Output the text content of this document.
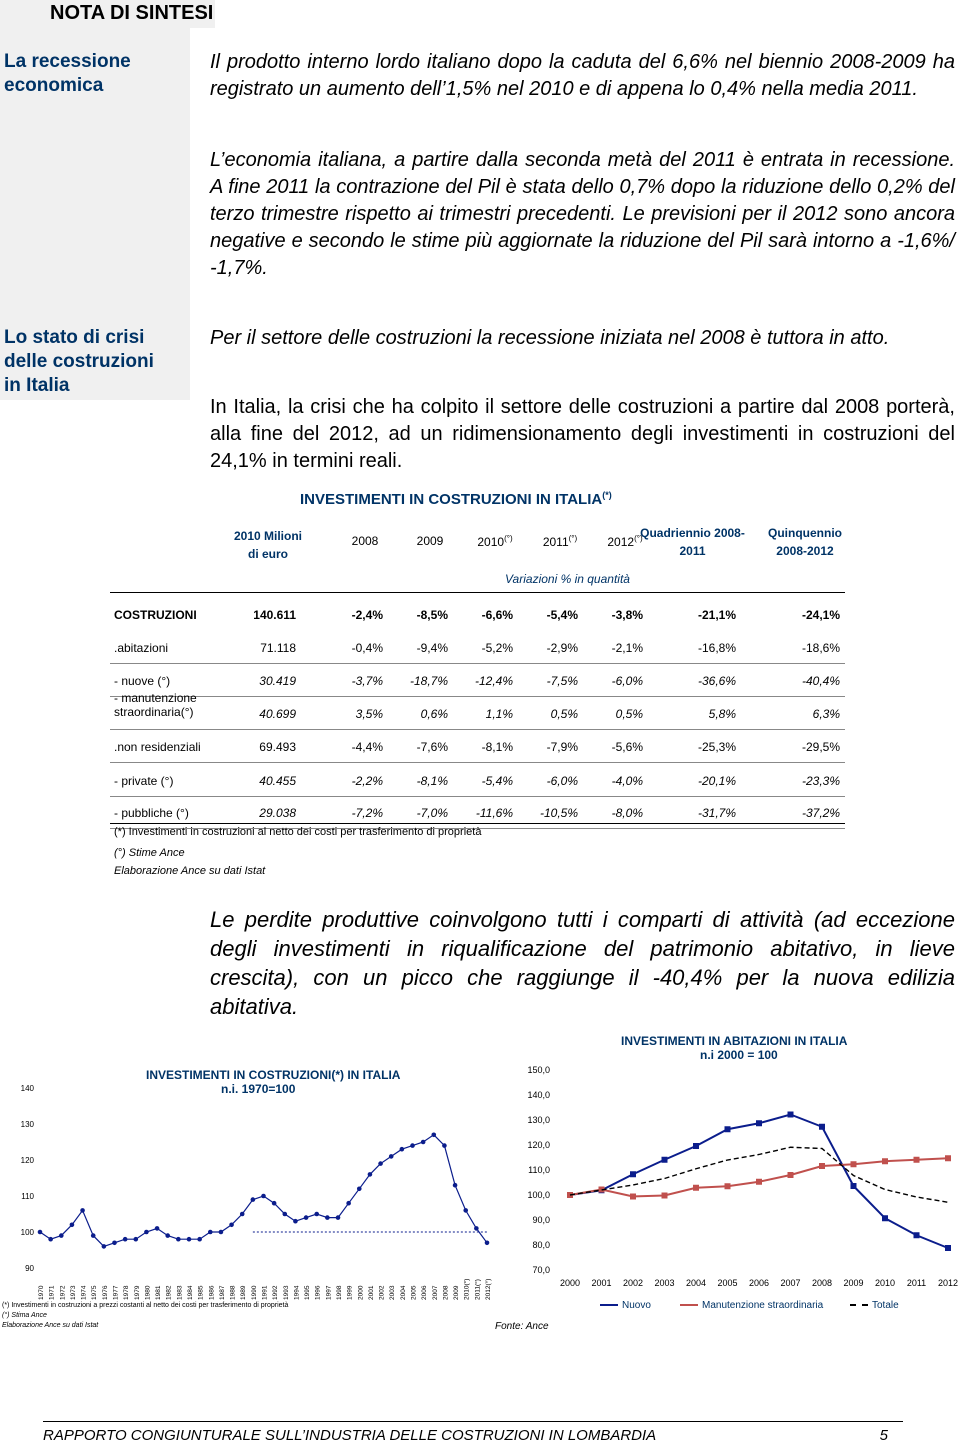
NOTA DI SINTESI
La recessione
economica
Lo stato di crisi
delle costruzioni
in Italia
Il prodotto interno lordo italiano dopo la caduta del 6,6% nel biennio 2008-2009 ha registrato un aumento dell’1,5% nel 2010 e di appena lo 0,4% nella media 2011.
L’economia italiana, a partire dalla seconda metà del 2011 è entrata in recessione. A fine 2011 la contrazione del Pil è stata dello 0,7% dopo la riduzione dello 0,2% del terzo trimestre rispetto ai trimestri precedenti. Le previsioni per il 2012 sono ancora negative e secondo le stime più aggiornate la riduzione del Pil sarà intorno a -1,6%/ -1,7%.
Per il settore delle costruzioni la recessione iniziata nel 2008 è tuttora in atto.
In Italia, la crisi che ha colpito il settore delle costruzioni a partire dal 2008 porterà, alla fine del 2012, ad un ridimensionamento degli investimenti in costruzioni del 24,1% in termini reali.
INVESTIMENTI IN COSTRUZIONI IN ITALIA(*)
2010 Milioni di euro
2008	2009	2010(°)	2011(°)	2012(°)
Quadriennio 2008-2011
Quinquennio 2008-2012
Variazioni % in quantità
COSTRUZIONI	140.611	-2,4%	-8,5%	-6,6%	-5,4%	-3,8%	-21,1%	-24,1%
.abitazioni	71.118	-0,4%	-9,4%	-5,2%	-2,9%	-2,1%	-16,8%	-18,6%
- nuove (°)	30.419	-3,7%	-18,7%	-12,4%	-7,5%	-6,0%	-36,6%	-40,4%
- manutenzione straordinaria(°)	40.699	3,5%	0,6%	1,1%	0,5%	0,5%	5,8%	6,3%
.non residenziali	69.493	-4,4%	-7,6%	-8,1%	-7,9%	-5,6%	-25,3%	-29,5%
- private (°)	40.455	-2,2%	-8,1%	-5,4%	-6,0%	-4,0%	-20,1%	-23,3%
- pubbliche (°)	29.038	-7,2%	-7,0%	-11,6%	-10,5%	-8,0%	-31,7%	-37,2%
(*) Investimenti in costruzioni al netto dei costi per trasferimento di proprietà
(°) Stime Ance
Elaborazione Ance su dati Istat
Le perdite produttive coinvolgono tutti i comparti di attività (ad eccezione degli investimenti in riqualificazione del patrimonio abitativo, in lieve crescita), con un picco che raggiunge il -40,4% per la nuova edilizia abitativa.
90
100
110
120
130
140
1970 1971 1972 1973 1974 1975 1976 1977 1978 1979 1980 1981 1982 1983 1984 1985 1986 1987 1988 1989 1990 1991 1992 1993 1994 1995 1996 1997 1998 1999 2000 2001 2002 2003 2004 2005 2006 2007 2008 2009 2010(°) 2011(°) 2012(°)
INVESTIMENTI IN COSTRUZIONI(*) IN ITALIA
n.i. 1970=100
(*) Investimenti in costruzioni a prezzi costanti al netto dei costi per trasferimento di proprietà
(°) Stima Ance
Elaborazione Ance su dati Istat
70,0
80,0
90,0
100,0
110,0
120,0
130,0
140,0
150,0
2000 2001 2002 2003 2004 2005 2006 2007 2008 2009 2010 2011 2012
INVESTIMENTI IN ABITAZIONI IN ITALIA
n.i 2000 = 100
Nuovo	Manutenzione straordinaria	Totale
Fonte: Ance
RAPPORTO CONGIUNTURALE SULL’INDUSTRIA DELLE COSTRUZIONI IN LOMBARDIA	5
